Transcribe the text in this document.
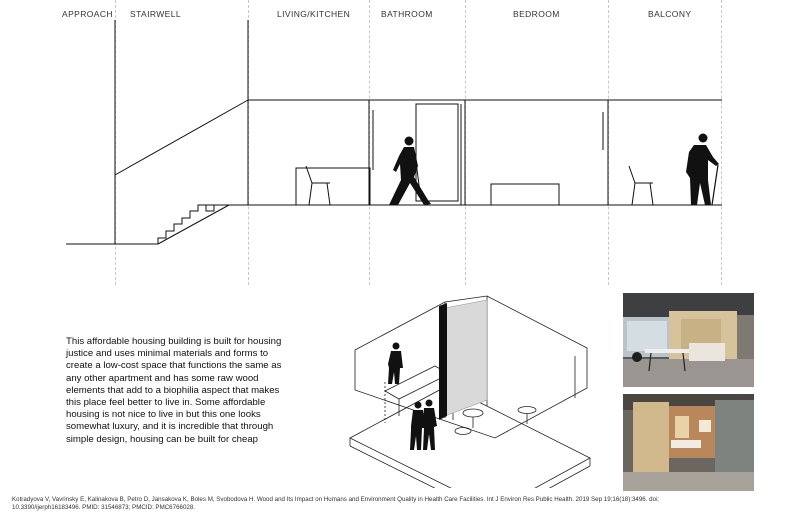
APPROACH STAIRWELL	LIVING/KITCHEN	BATHROOM	BEDROOM	BALCONY
This affordable housing building is built for housing justice and uses minimal materials and forms to create a low-cost space that functions the same as any other apartment and has some raw wood elements that add to a biophilia aspect that makes this place feel better to live in. Some affordable housing is not nice to live in but this one looks somewhat luxury, and it is incredible that through simple design, housing can be built for cheap
Kotradyova V, Vavrinsky E, Kalinakova B, Petro D, Jansakova K, Boles M, Svobodova H. Wood and Its Impact on Humans and Environment Quality in Health Care Facilities. Int J Environ Res Public Health. 2019 Sep 19;16(18):3496. doi:
10.3390/ijerph16183496. PMID: 31546873; PMCID: PMC6766028.
